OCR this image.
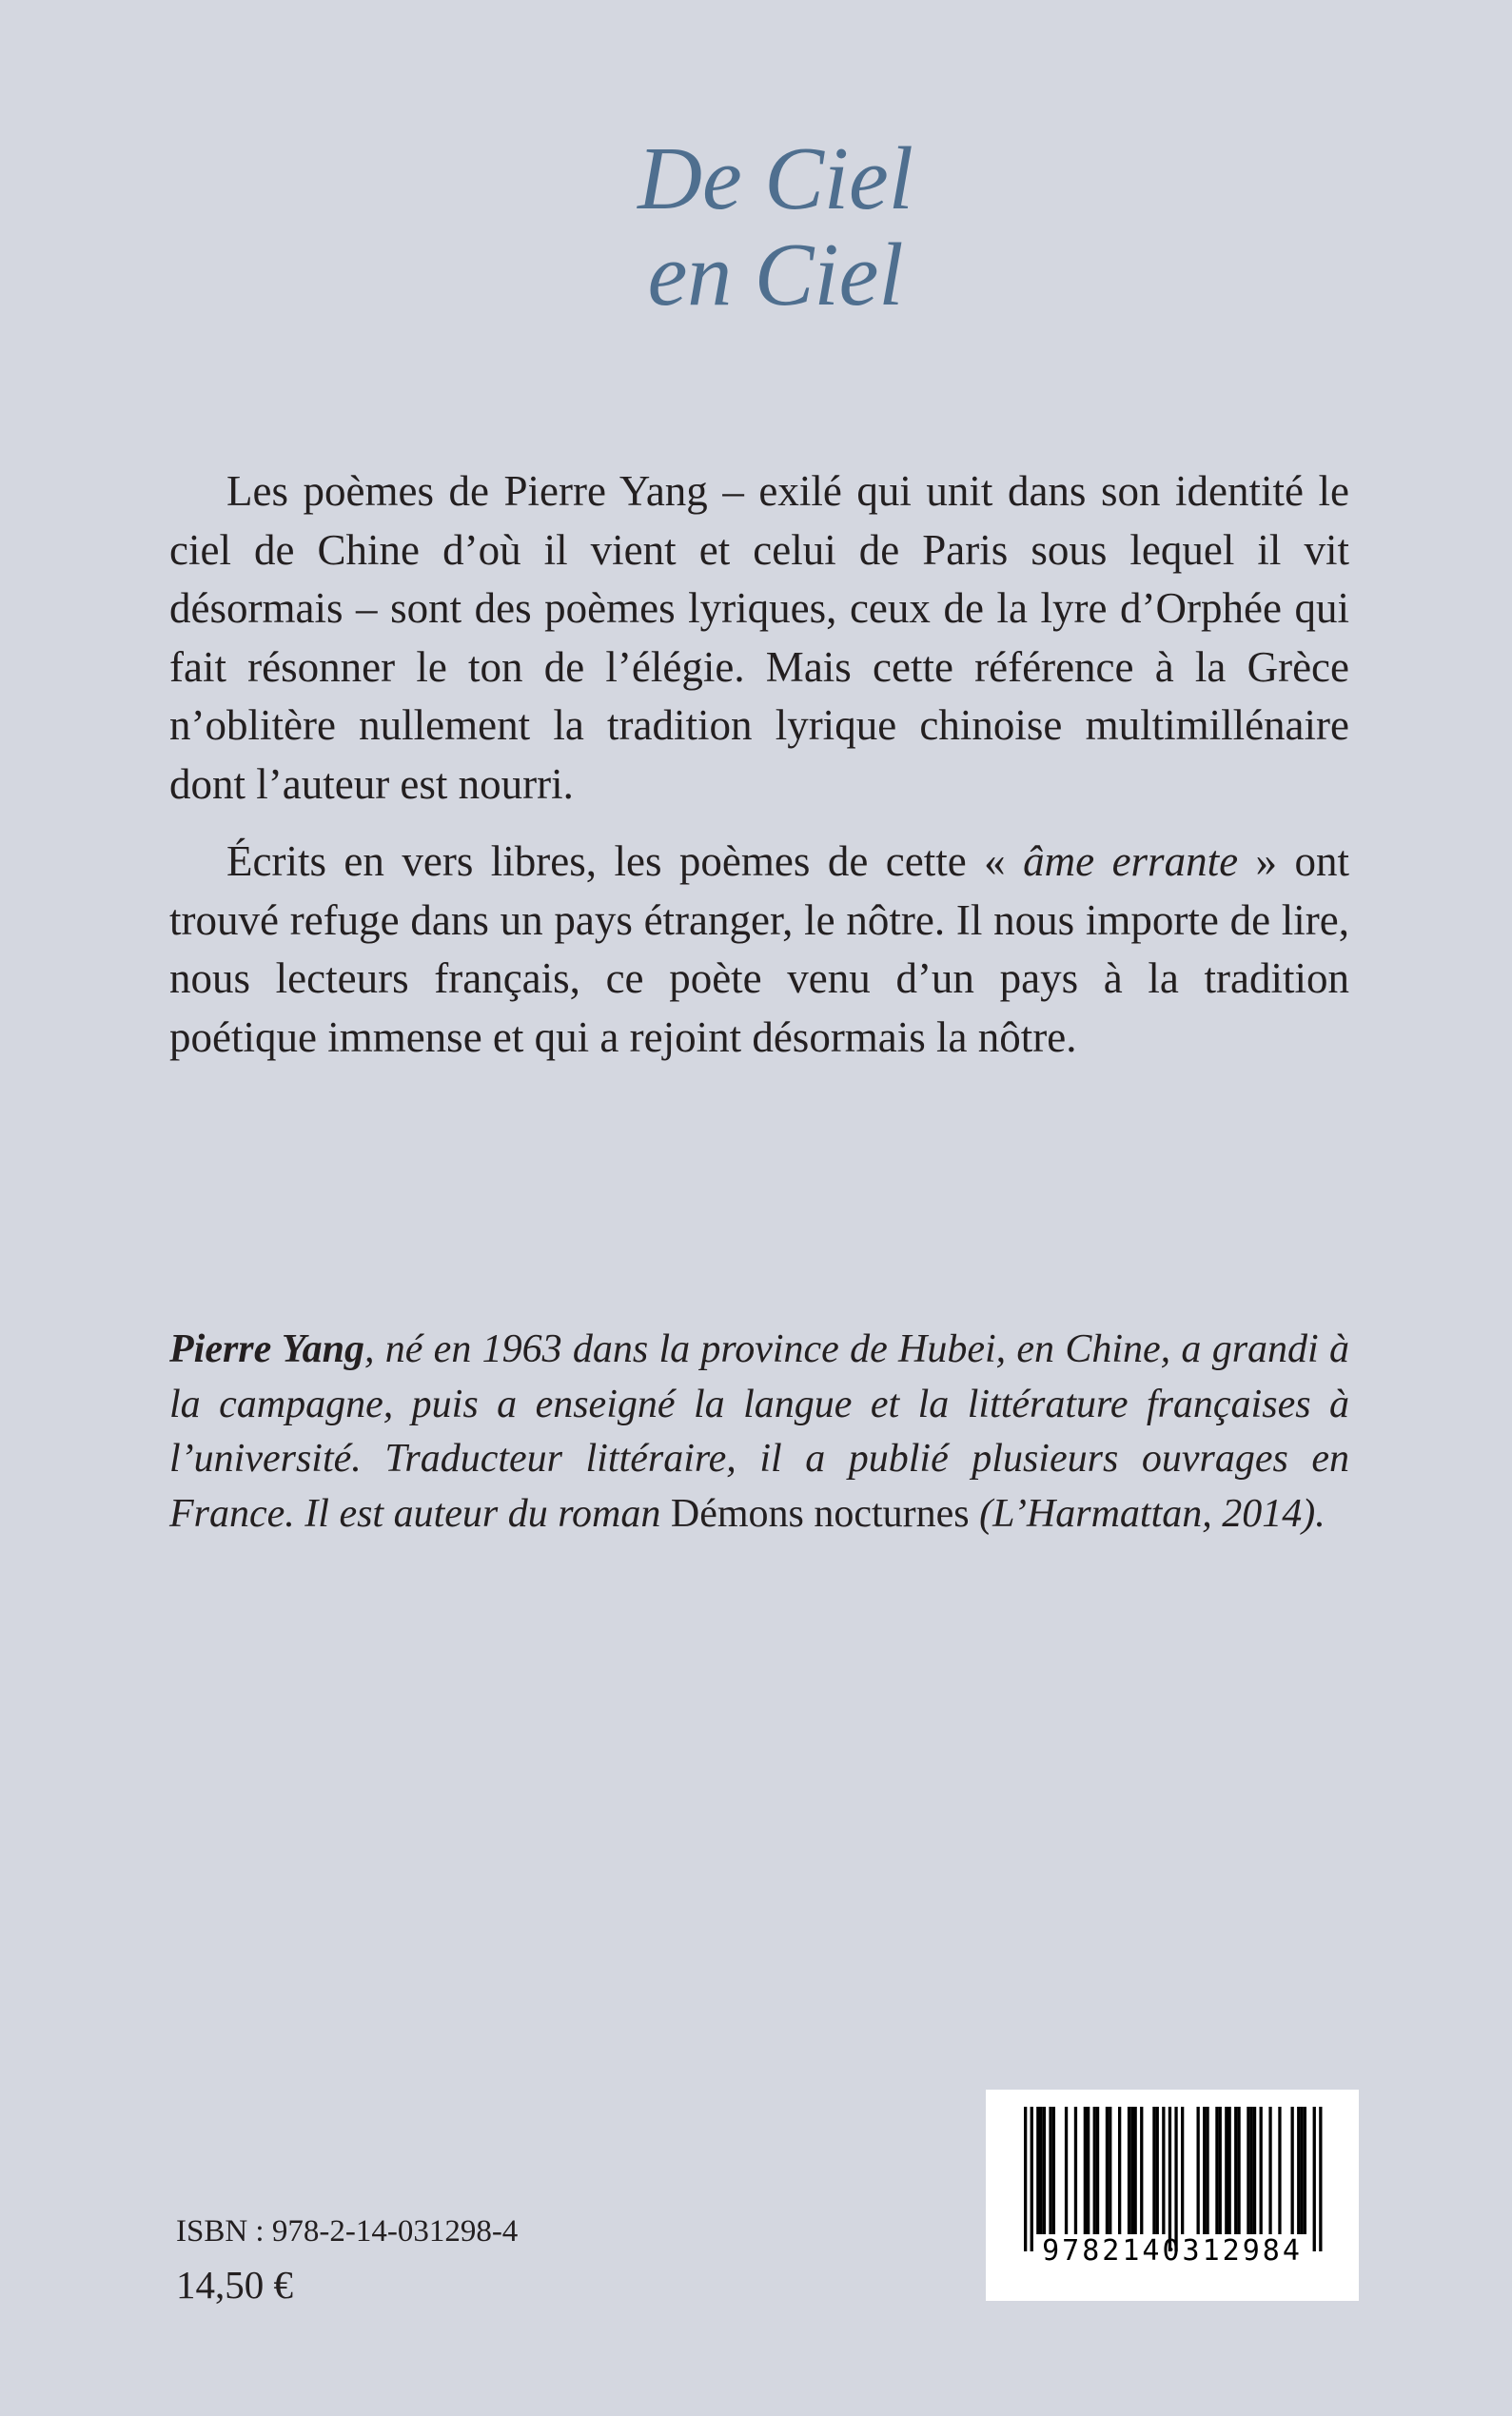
De Ciel
en Ciel

Les poèmes de Pierre Yang – exilé qui unit dans son identité le ciel de Chine d’où il vient et celui de Paris sous lequel il vit désormais – sont des poèmes lyriques, ceux de la lyre d’Orphée qui fait résonner le ton de l’élégie. Mais cette référence à la Grèce n’oblitère nullement la tradition lyrique chinoise multimillénaire dont l’auteur est nourri.

Écrits en vers libres, les poèmes de cette « âme errante » ont trouvé refuge dans un pays étranger, le nôtre. Il nous importe de lire, nous lecteurs français, ce poète venu d’un pays à la tradition poétique immense et qui a rejoint désormais la nôtre.

Pierre Yang, né en 1963 dans la province de Hubei, en Chine, a grandi à la campagne, puis a enseigné la langue et la littérature françaises à l’université. Traducteur littéraire, il a publié plusieurs ouvrages en France. Il est auteur du roman Démons nocturnes (L’Harmattan, 2014).
ISBN : 978-2-14-031298-4
14,50 €
9782140312984
